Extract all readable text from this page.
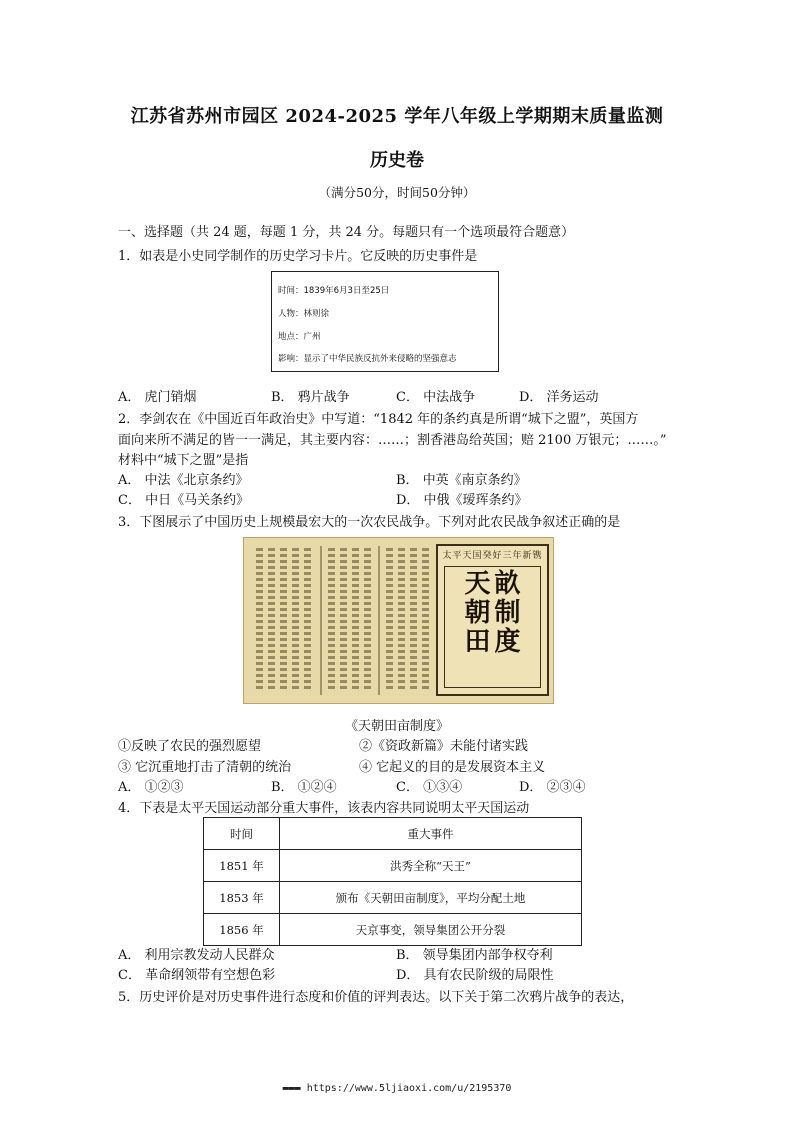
江苏省苏州市园区 2024-2025 学年八年级上学期期末质量监测
历史卷
（满分50分，时间50分钟）
一、选择题（共 24 题，每题 1 分，共 24 分。每题只有一个选项最符合题意）
1．如表是小史同学制作的历史学习卡片。它反映的历史事件是
时间：1839年6月3日至25日
人物：林则徐
地点：广州
影响：显示了中华民族反抗外来侵略的坚强意志
A． 虎门销烟	B． 鸦片战争	C． 中法战争	D． 洋务运动
2．李剑农在《中国近百年政治史》中写道：“1842 年的条约真是所谓“城下之盟”，英国方
面向来所不满足的皆一一满足，其主要内容：……；割香港岛给英国；赔 2100 万银元；……。”
材料中“城下之盟”是指
A． 中法《北京条约》	B． 中英《南京条约》
C． 中日《马关条约》	D． 中俄《瑷珲条约》
3．下图展示了中国历史上规模最宏大的一次农民战争。下列对此农民战争叙述正确的是
太平天国癸好三年新镌
天 畝
朝 制
田 度
《天朝田亩制度》
①反映了农民的强烈愿望	②《资政新篇》未能付诸实践
③ 它沉重地打击了清朝的统治	④ 它起义的目的是发展资本主义
A． ①②③	B． ①②④	C． ①③④	D． ②③④
4．下表是太平天国运动部分重大事件，该表内容共同说明太平天国运动
时间	重大事件
1851 年	洪秀全称“天王”
1853 年	颁布《天朝田亩制度》，平均分配土地
1856 年	天京事变，领导集团公开分裂
A． 利用宗教发动人民群众	B． 领导集团内部争权夺利
C． 革命纲领带有空想色彩	D． 具有农民阶级的局限性
5．历史评价是对历史事件进行态度和价值的评判表达。以下关于第二次鸦片战争的表达，
▬▬▬ https://www.5ljiaoxi.com/u/2195370
